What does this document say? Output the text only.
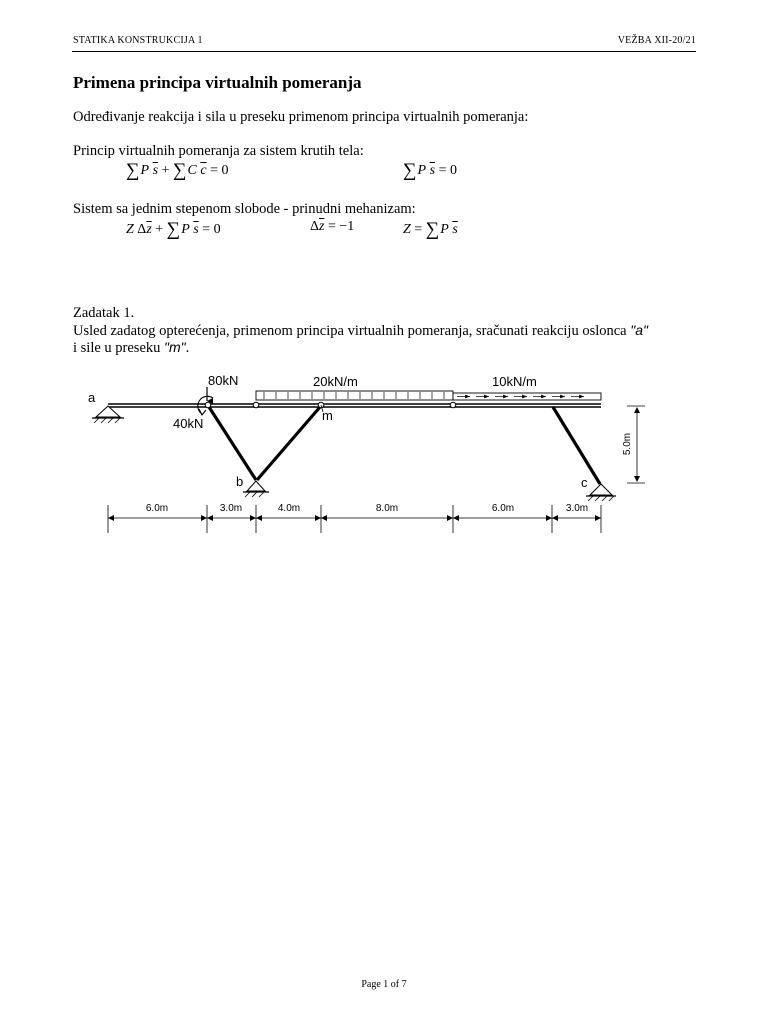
STATIKA KONSTRUKCIJA 1	VEŽBA XII-20/21
Primena principa virtualnih pomeranja
Određivanje reakcija i sila u preseku primenom principa virtualnih pomeranja:
Princip virtualnih pomeranja za sistem krutih tela:
∑P $\overline{s} + \sum C$ $\overline{c} = 0$	∑P $\overline{s} = 0$
Sistem sa jednim stepenom slobode - prinudni mehanizam:
Z $\Delta\overline{z} + \sum P$ $\overline{s} = 0$	$\Delta\overline{z} = -1$	Z = ∑P $\overline{s}$
Zadatak 1.
Usled zadatog opterećenja, primenom principa virtualnih pomeranja, sračunati reakciju oslonca "a"
i sile u preseku "m".
a
b	c
m
80kN
40kN
20kN/m	10kN/m
5.0m
6.0m	3.0m	4.0m	8.0m	6.0m	3.0m
Page 1 of 7
